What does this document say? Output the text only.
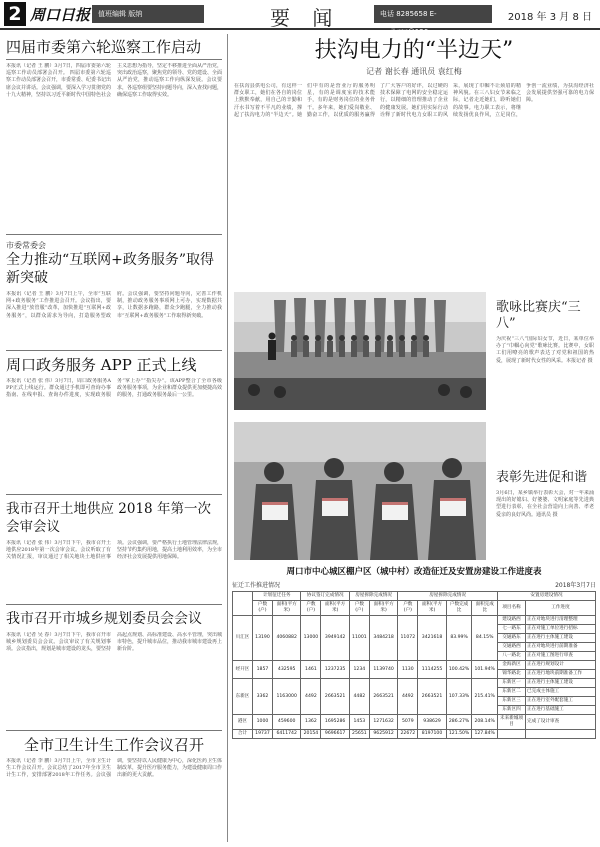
2 周口日报	值班编辑 版纳	要 闻	电话 8285658 E-mail:***@126.com
2018 年 3 月 8 日
四届市委第六轮巡察工作启动
本报讯（记者 王 鹏）3月7日，四届市委第六轮巡察工作动员部署会召开。 四届市委第六轮巡察工作动员部署会召开，市委常委、纪委书记出席会议并讲话。会议强调，要深入学习贯彻党的十九大精神，坚持以习近平新时代中国特色社会主义思想为指导，坚定不移推进全面从严治党，突出政治巡察，聚焦党的领导、党的建设、全面从严治党，推动巡察工作向纵深发展。会议要求，各巡察组要坚持问题导向，深入查找问题，确保巡察工作取得实效。
市委常委会
全力推动“互联网+政务服务”取得新突破
本报讯（记者 王 鹏）3月7日上午，全市“互联网+政务服务”工作推进会召开。会议指出，要深入推进“放管服”改革，加快推进“互联网+政务服务”，以群众需求为导向，打造服务型政府。会议强调，要坚持问题导向，完善工作机制，推动政务服务事项网上可办，实现数据共享，让数据多跑路，群众少跑腿，全力推动我市“互联网+政务服务”工作取得新突破。
周口政务服务 APP 正式上线
本报讯（记者 张 伟）3月7日，周口政务服务APP正式上线运行。群众通过手机即可查询办事指南、在线申报、查询办件进度，实现政务服务“掌上办”“指尖办”。该APP整合了全市各级政务服务事项，为企业和群众提供更加便捷高效的服务，打通政务服务最后一公里。
我市召开土地供应 2018 年第一次会审会议
本报讯（记者 张 伟）3月7日下午，我市召开土地供应2018年第一次会审会议。会议听取了有关情况汇报，审议通过了相关地块土地供应事项。会议强调，要严格执行土地管理法律法规，坚持节约集约用地，提高土地利用效率，为全市经济社会发展提供用地保障。
我市召开市城乡规划委员会会议
本报讯（记者 吴 春）3月7日下午，我市召开市城乡规划委员会会议。会议审议了有关规划事项。会议指出，规划是城市建设的龙头，要坚持高起点规划、高标准建设、高水平管理，突出城市特色，提升城市品位，推动我市城市建设再上新台阶。
全市卫生计生工作会议召开
本报讯（记者 李 鹏）3月7日上午，全市卫生计生工作会议召开。会议总结了2017年全市卫生计生工作，安排部署2018年工作任务。会议强调，要坚持以人民健康为中心，深化医药卫生体制改革，提升医疗服务能力，为建设健康周口作出新的更大贡献。
扶沟电力的“半边天”
记者 谢长春 通讯员 袁红梅
在扶沟县供电公司，有这样一群女职工，她们在各自的岗位上默默奉献，用自己的辛勤和汗水书写着不平凡的业绩，撑起了扶沟电力的“半边天”。她们中有的是营业厅的服务明星，有的是调度室的技术能手，有的是财务岗位的业务骨干。多年来，她们爱岗敬业、勤奋工作，以优质的服务赢得了广大客户的好评，以过硬的技术保障了电网的安全稳定运行，以精细的管理推动了企业的健康发展。她们用实际行动诠释了新时代电力女职工的风采，展现了巾帼不让须眉的精神风貌。在三八妇女节来临之际，记者走近她们，聆听她们的故事。电力职工表示，将继续发扬优良作风，立足岗位，争创一流业绩，为扶沟经济社会发展提供坚强可靠的电力保障。
歌咏比赛庆“三八”
为庆祝“三八”国际妇女节，近日，某单位举办了“巾帼心向党”歌咏比赛。比赛中，女职工们用嘹亮的歌声表达了对党和祖国的热爱，展现了新时代女性的风采。本报记者 摄
表彰先进促和谐
3月6日，某乡镇举行表彰大会，对一年来涌现出的好媳妇、好婆婆、文明家庭等先进典型进行表彰，在全社会营造向上向善、孝老爱亲的良好风尚。通讯员 摄
周口市中心城区棚户区（城中村）改造征迁及安置房建设工作进度表
征迁工作推进情况	2018年3月7日
	计划征迁任务		协议签订完成情况		房屋拆除完成情况		房屋拆除完成情况				安置房建设情况	
	户数(户)	面积(平方米)	户数(户)	面积(平方米)	户数(户)	面积(平方米)	户数(户)	面积(平方米)	户数完成比	面积完成比	项目名称	工作进度
川汇区	13190	4060882	13000	3949142	11001	3484218	11072	3421618	83.99%	84.15%	建设路西	正在对地块进行清理整理
											七一路东	正在对施工单位进行招标
											交通路东	正在进行主体施工建设
											交通路西	正在对地块进行前期准备
											八一路北	正在对施工图进行审查
经开区	1857	432595	1461	1237235	1234	1139740	1130	1114255	100.42%	101.94%	金海新区	正在进行规划设计
											锦华路北	正在进行地块前期准备工作
东新区	3362	1163000	4492	2663521	4482	2663521	4492	2663521	107.33%	215.41%	东新区一	正在进行主体施工建设
											东新区二	已完成主体施工
											东新区三	正在进行室外配套施工
											东新区四	正在进行基础施工
港区	1000	459600	1362	1695286	1453	1271632	5079	938629	286.27%	208.14%	未来新城项目	完成了设计审查
合计	19737	6411742	20154	9696617	25651	9625912	22672	8197100	121.50%	127.84%		
